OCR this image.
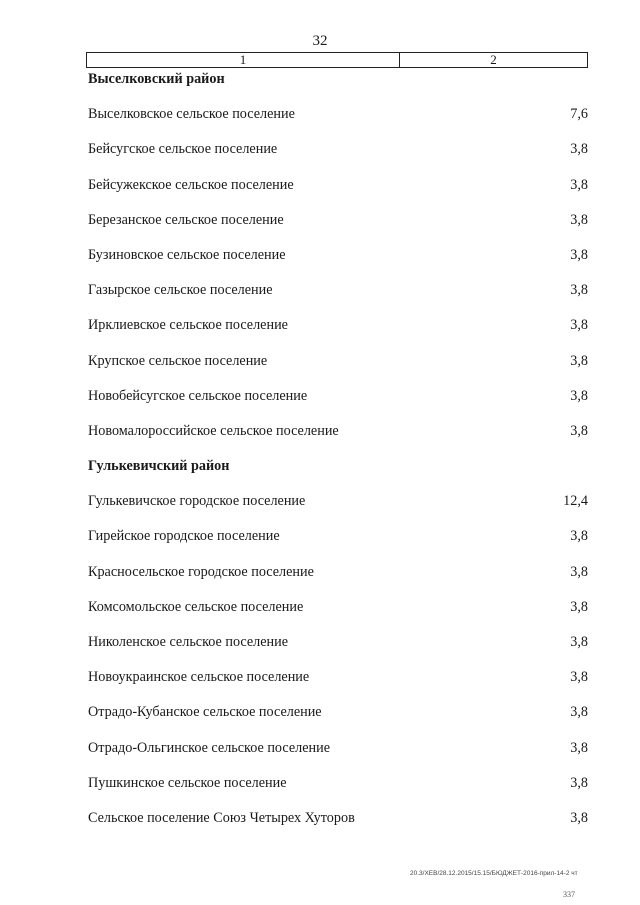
32
1	2
Выселковский район
Выселковское сельское поселение	7,6
Бейсугское сельское поселение	3,8
Бейсужекское сельское поселение	3,8
Березанское сельское поселение	3,8
Бузиновское сельское поселение	3,8
Газырское сельское поселение	3,8
Ирклиевское сельское поселение	3,8
Крупское сельское поселение	3,8
Новобейсугское сельское поселение	3,8
Новомалороссийское сельское поселение	3,8
Гулькевичский район
Гулькевичское городское поселение	12,4
Гирейское городское поселение	3,8
Красносельское городское поселение	3,8
Комсомольское сельское поселение	3,8
Николенское сельское поселение	3,8
Новоукраинское сельское поселение	3,8
Отрадо-Кубанское сельское поселение	3,8
Отрадо-Ольгинское сельское поселение	3,8
Пушкинское сельское поселение	3,8
Сельское поселение Союз Четырех Хуторов	3,8
20.3/ХЕВ/28.12.2015/15.15/БЮДЖЕТ-2016-прил-14-2 чт
337
